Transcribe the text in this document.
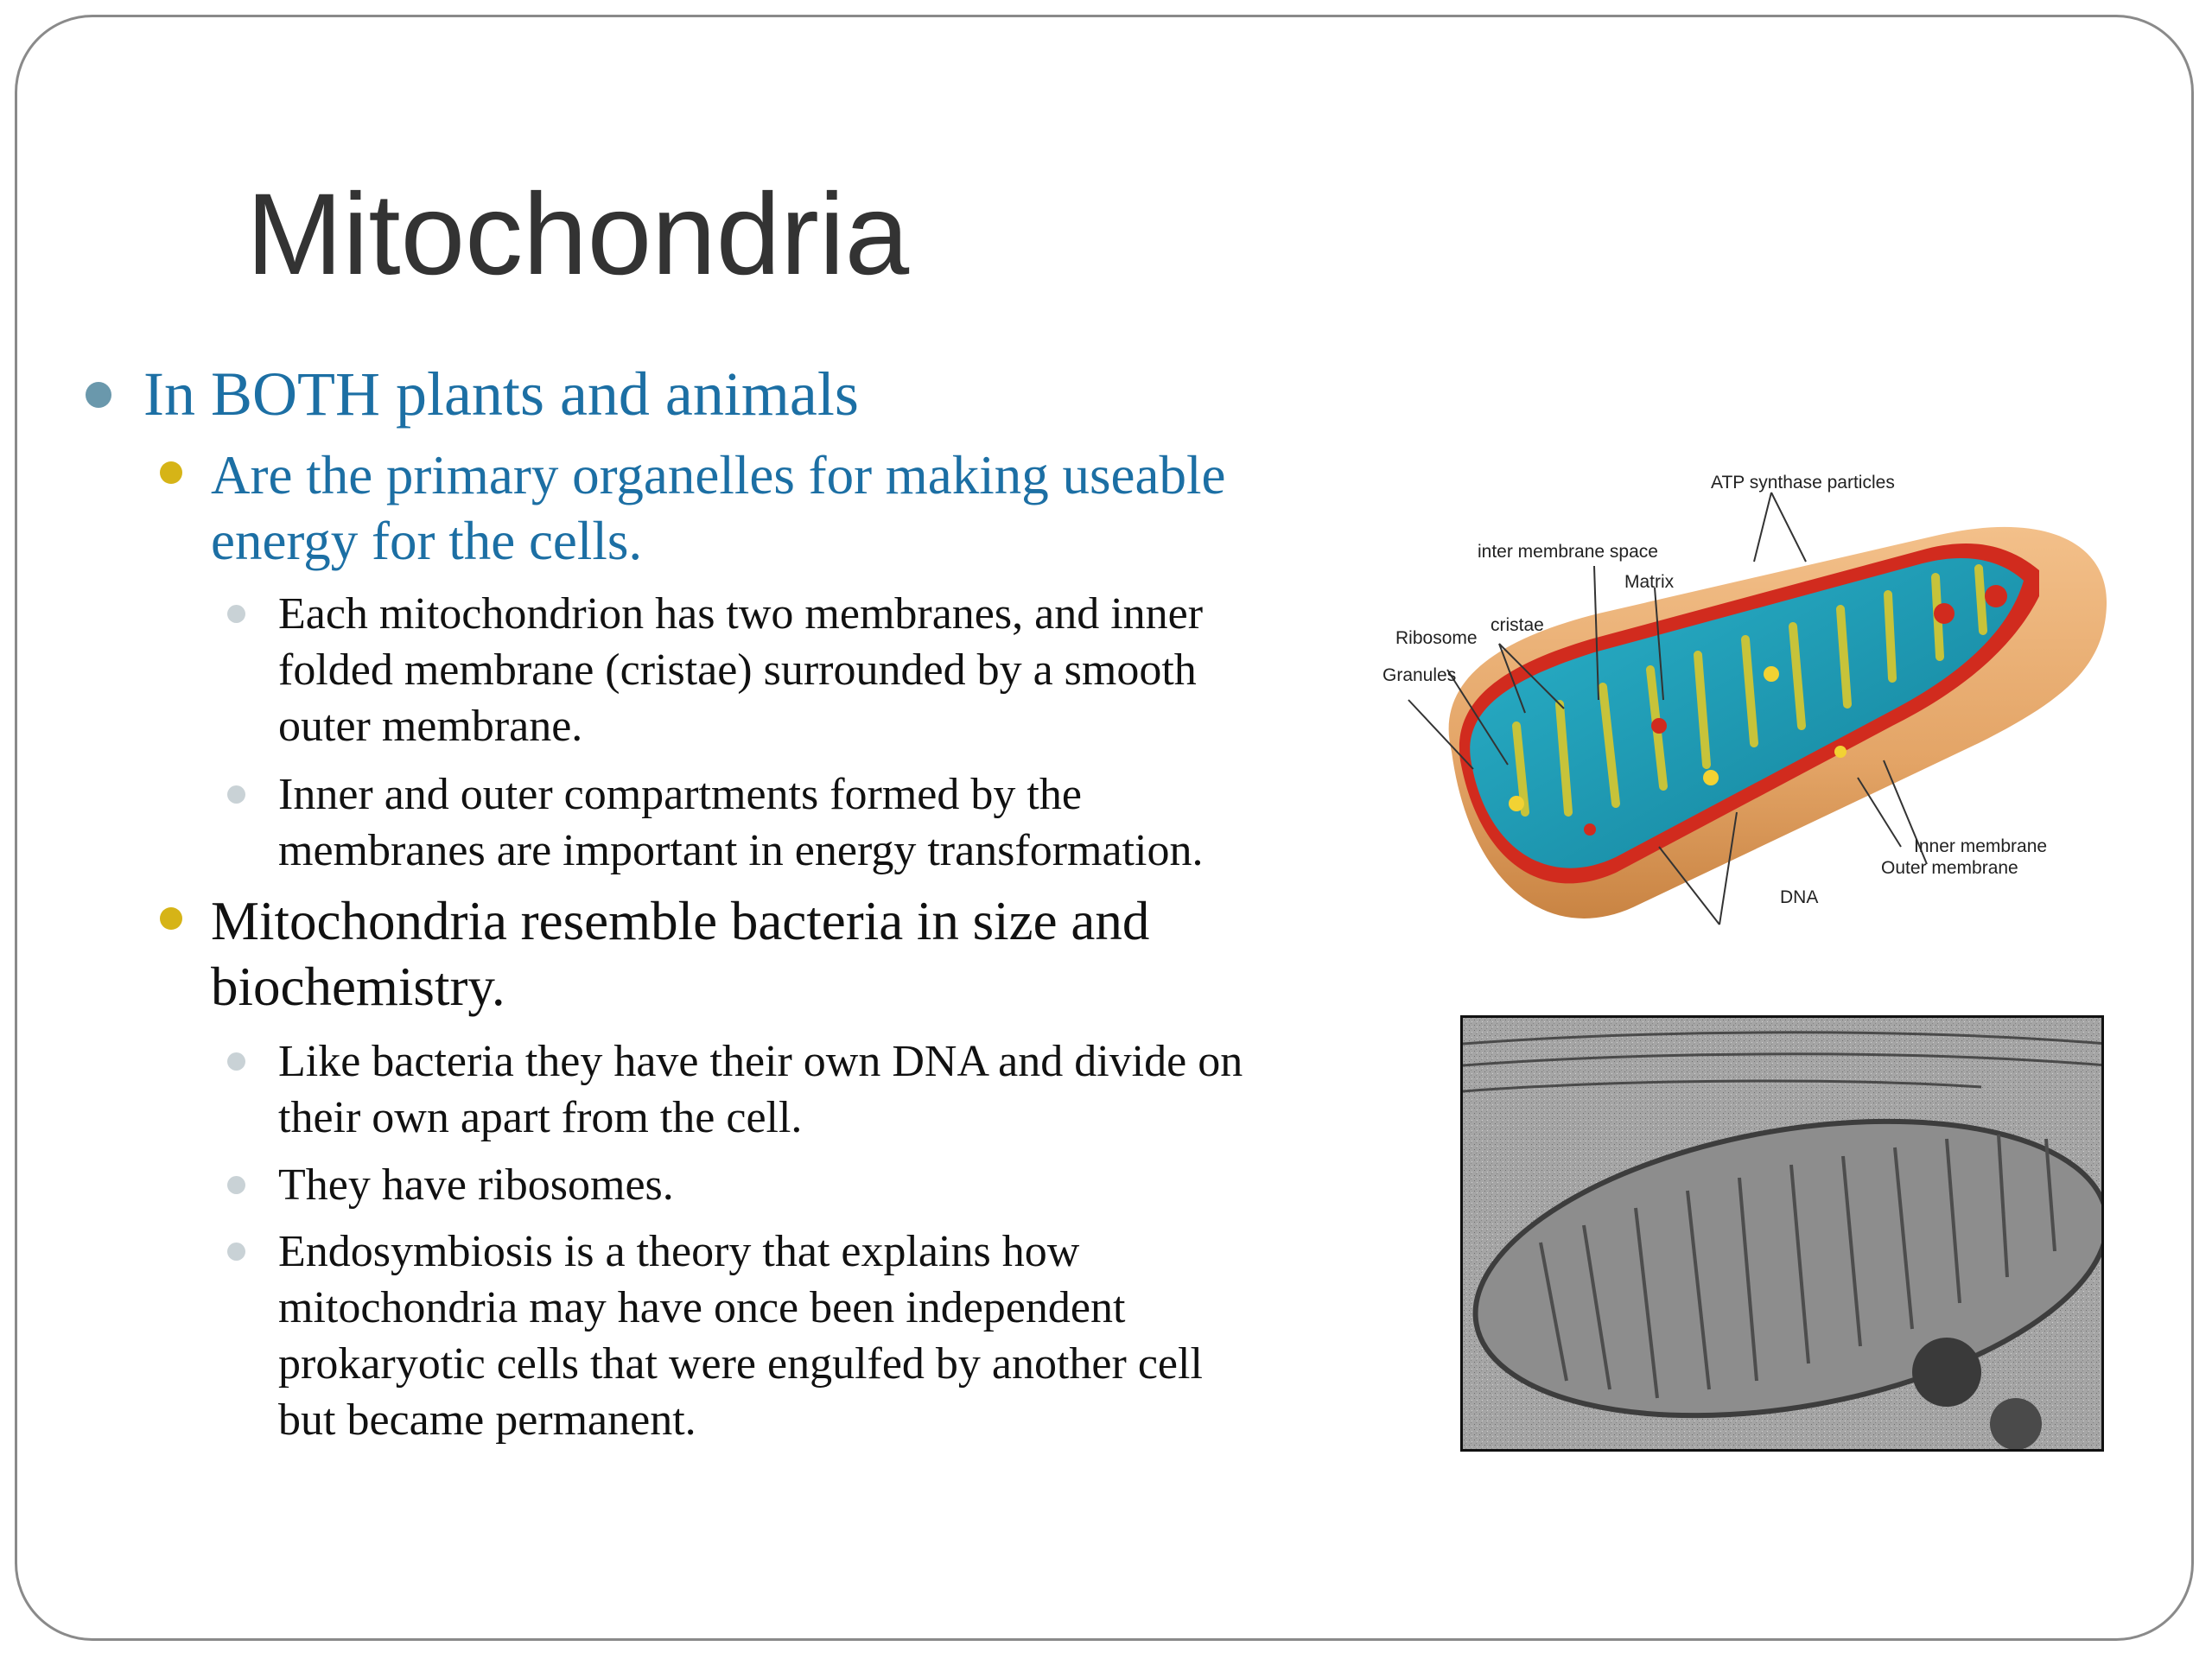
Mitochondria
In BOTH plants and animals
Are the primary organelles for making useable
energy for the cells.
Each mitochondrion has two membranes, and inner
folded membrane (cristae) surrounded by a smooth
outer membrane.
Inner and outer compartments formed by the
membranes are important in energy transformation.
Mitochondria resemble bacteria in size and
biochemistry.
Like bacteria they have their own DNA and divide on
their own apart from the cell.
They have ribosomes.
Endosymbiosis is a theory that explains how
mitochondria may have once been independent
prokaryotic cells that were engulfed by another cell
but became permanent.
ATP synthase particles
inter membrane space
Matrix
cristae
Ribosome
Granules
Inner membrane
Outer membrane
DNA
